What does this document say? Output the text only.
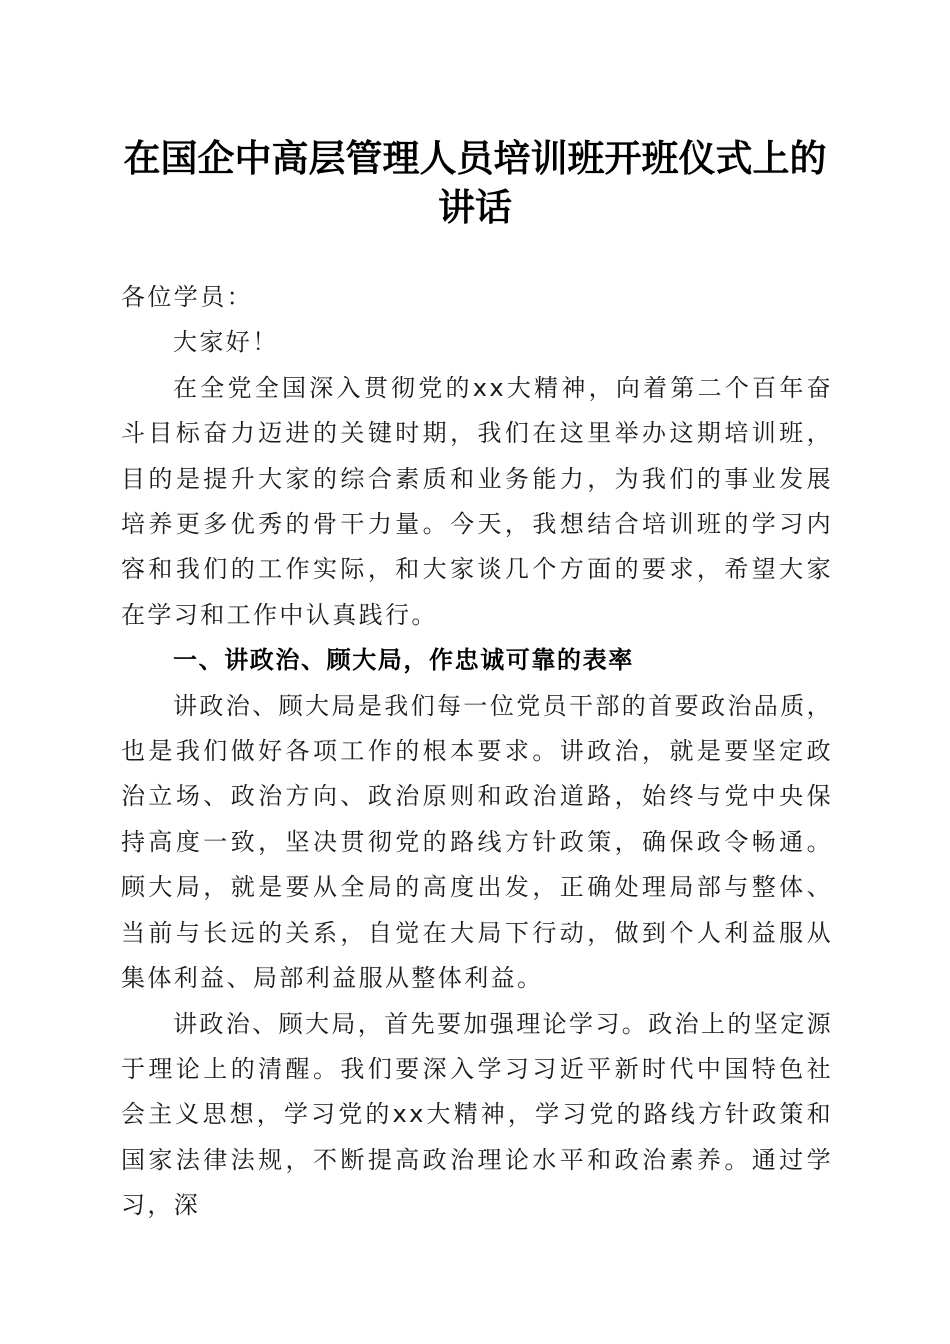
在国企中高层管理人员培训班开班仪式上的讲话

各位学员：

大家好！

在全党全国深入贯彻党的xx大精神，向着第二个百年奋斗目标奋力迈进的关键时期，我们在这里举办这期培训班，目的是提升大家的综合素质和业务能力，为我们的事业发展培养更多优秀的骨干力量。今天，我想结合培训班的学习内容和我们的工作实际，和大家谈几个方面的要求，希望大家在学习和工作中认真践行。

一、讲政治、顾大局，作忠诚可靠的表率

讲政治、顾大局是我们每一位党员干部的首要政治品质，也是我们做好各项工作的根本要求。讲政治，就是要坚定政治立场、政治方向、政治原则和政治道路，始终与党中央保持高度一致，坚决贯彻党的路线方针政策，确保政令畅通。顾大局，就是要从全局的高度出发，正确处理局部与整体、当前与长远的关系，自觉在大局下行动，做到个人利益服从集体利益、局部利益服从整体利益。

讲政治、顾大局，首先要加强理论学习。政治上的坚定源于理论上的清醒。我们要深入学习习近平新时代中国特色社会主义思想，学习党的xx大精神，学习党的路线方针政策和国家法律法规，不断提高政治理论水平和政治素养。通过学习，深
